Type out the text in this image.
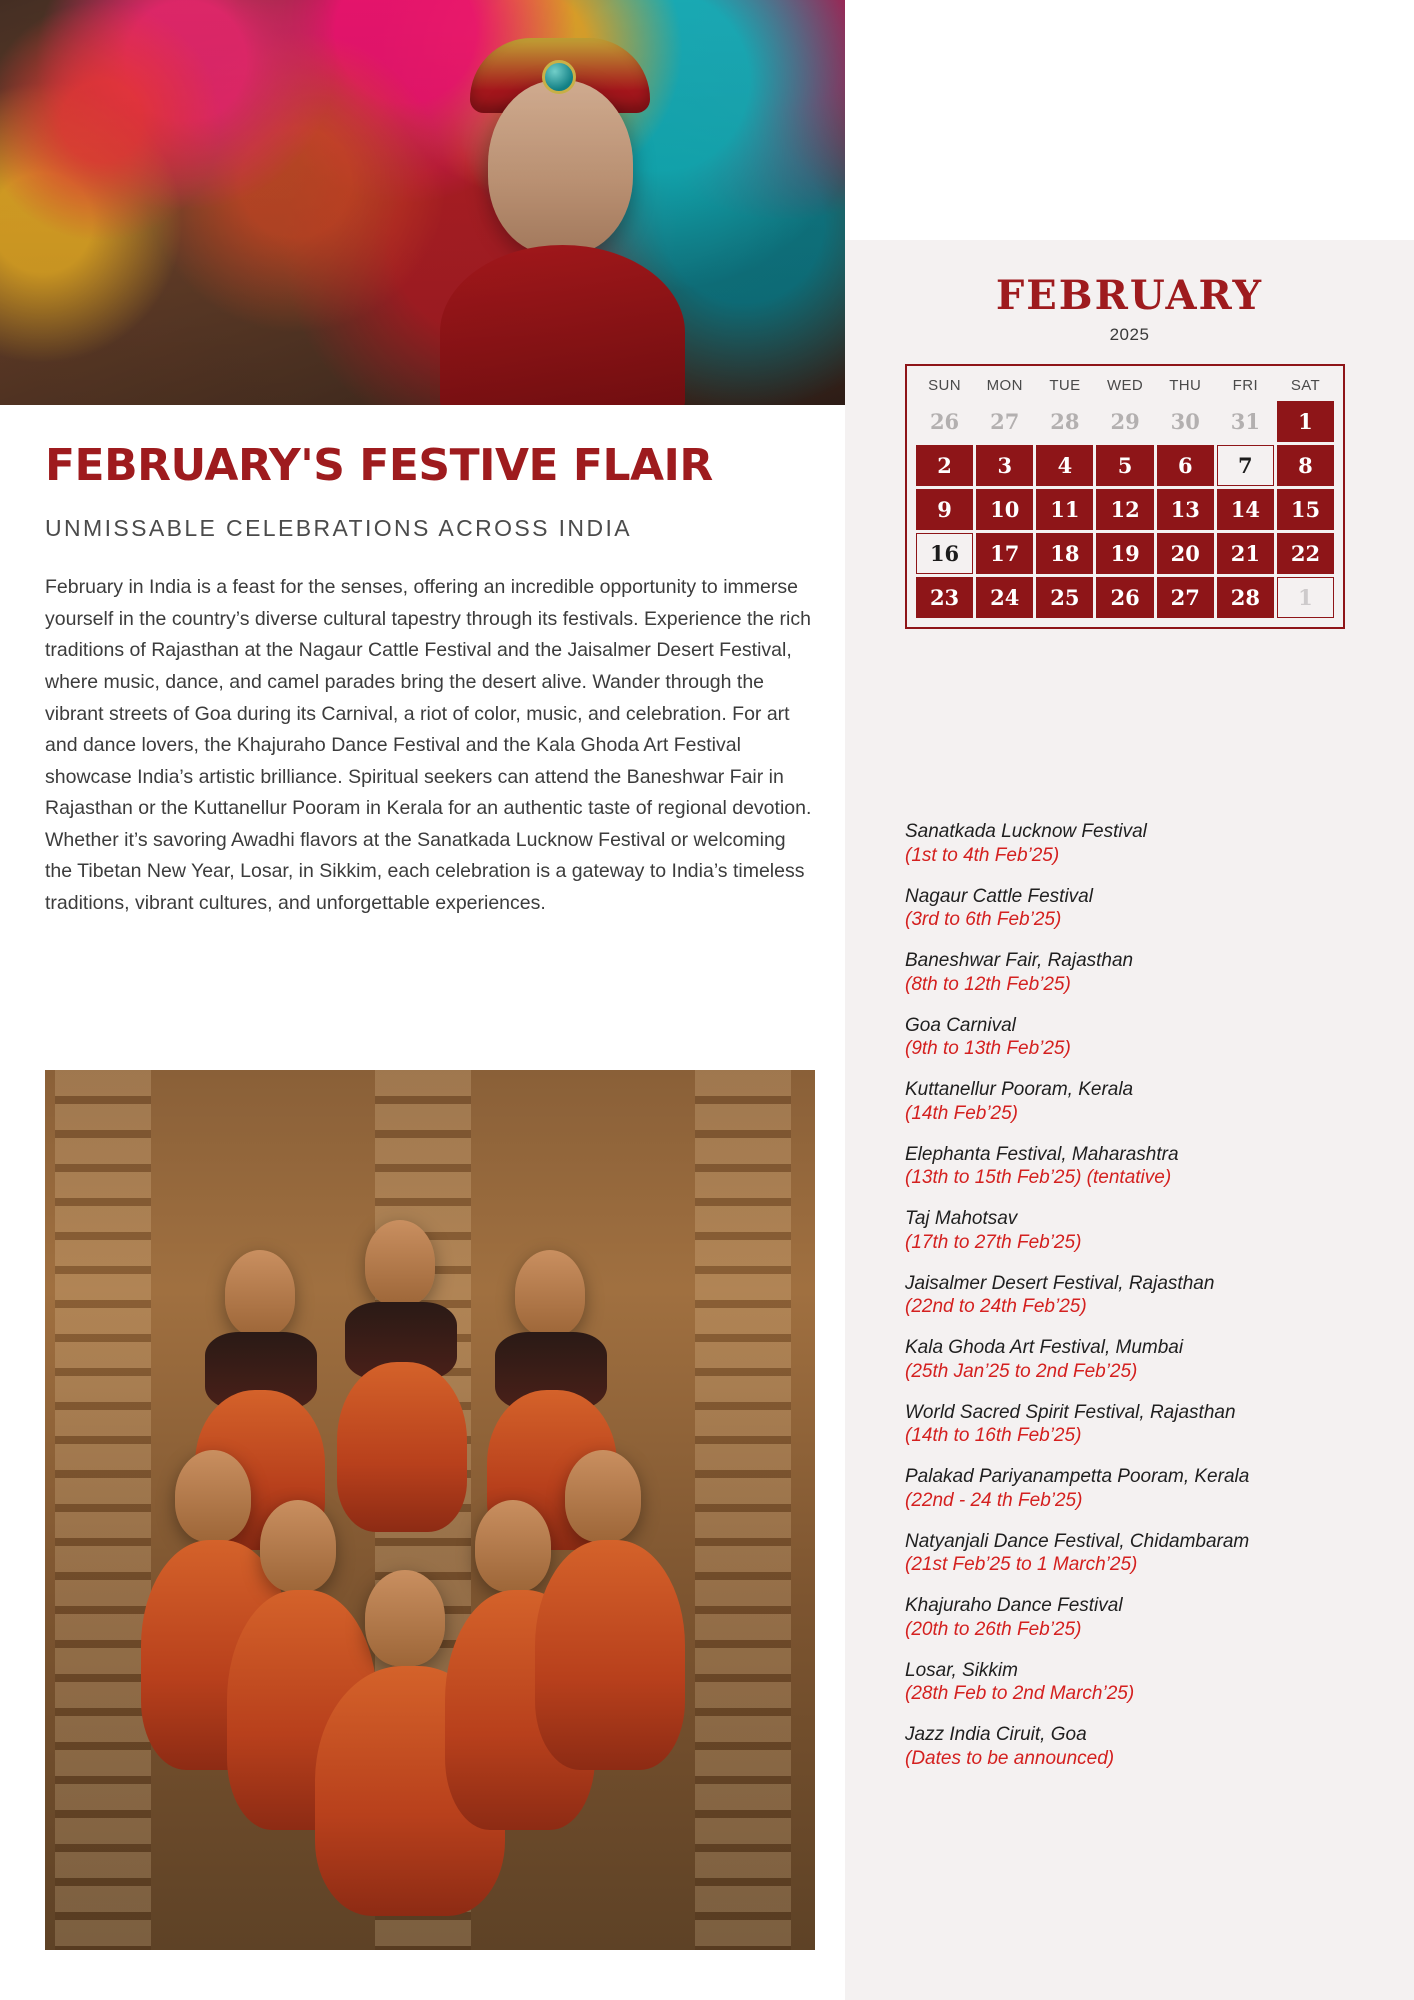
FEBRUARY'S FESTIVE FLAIR
UNMISSABLE CELEBRATIONS ACROSS INDIA
February in India is a feast for the senses, offering an incredible opportunity to immerse yourself in the country’s diverse cultural tapestry through its festivals. Experience the rich traditions of Rajasthan at the Nagaur Cattle Festival and the Jaisalmer Desert Festival, where music, dance, and camel parades bring the desert alive. Wander through the vibrant streets of Goa during its Carnival, a riot of color, music, and celebration. For art and dance lovers, the Khajuraho Dance Festival and the Kala Ghoda Art Festival showcase India’s artistic brilliance. Spiritual seekers can attend the Baneshwar Fair in Rajasthan or the Kuttanellur Pooram in Kerala for an authentic taste of regional devotion. Whether it’s savoring Awadhi flavors at the Sanatkada Lucknow Festival or welcoming the Tibetan New Year, Losar, in Sikkim, each celebration is a gateway to India’s timeless traditions, vibrant cultures, and unforgettable experiences.
FEBRUARY
2025
SUN	MON	TUE	WED	THU	FRI	SAT
26	27	28	29	30	31	1
2	3	4	5	6	7	8
9	10	11	12	13	14	15
16	17	18	19	20	21	22
23	24	25	26	27	28	1
Sanatkada Lucknow Festival
(1st to 4th Feb’25)
Nagaur Cattle Festival
(3rd to 6th Feb’25)
Baneshwar Fair, Rajasthan
(8th to 12th Feb’25)
Goa Carnival
(9th to 13th Feb’25)
Kuttanellur Pooram, Kerala
(14th Feb’25)
Elephanta Festival, Maharashtra
(13th to 15th Feb’25) (tentative)
Taj Mahotsav
(17th to 27th Feb’25)
Jaisalmer Desert Festival, Rajasthan
(22nd to 24th Feb’25)
Kala Ghoda Art Festival, Mumbai
(25th Jan’25 to 2nd Feb’25)
World Sacred Spirit Festival, Rajasthan
(14th to 16th Feb’25)
Palakad Pariyanampetta Pooram, Kerala
(22nd - 24 th Feb’25)
Natyanjali Dance Festival, Chidambaram
(21st Feb’25 to 1 March’25)
Khajuraho Dance Festival
(20th to 26th Feb’25)
Losar, Sikkim
(28th Feb to 2nd March’25)
Jazz India Ciruit, Goa
(Dates to be announced)
